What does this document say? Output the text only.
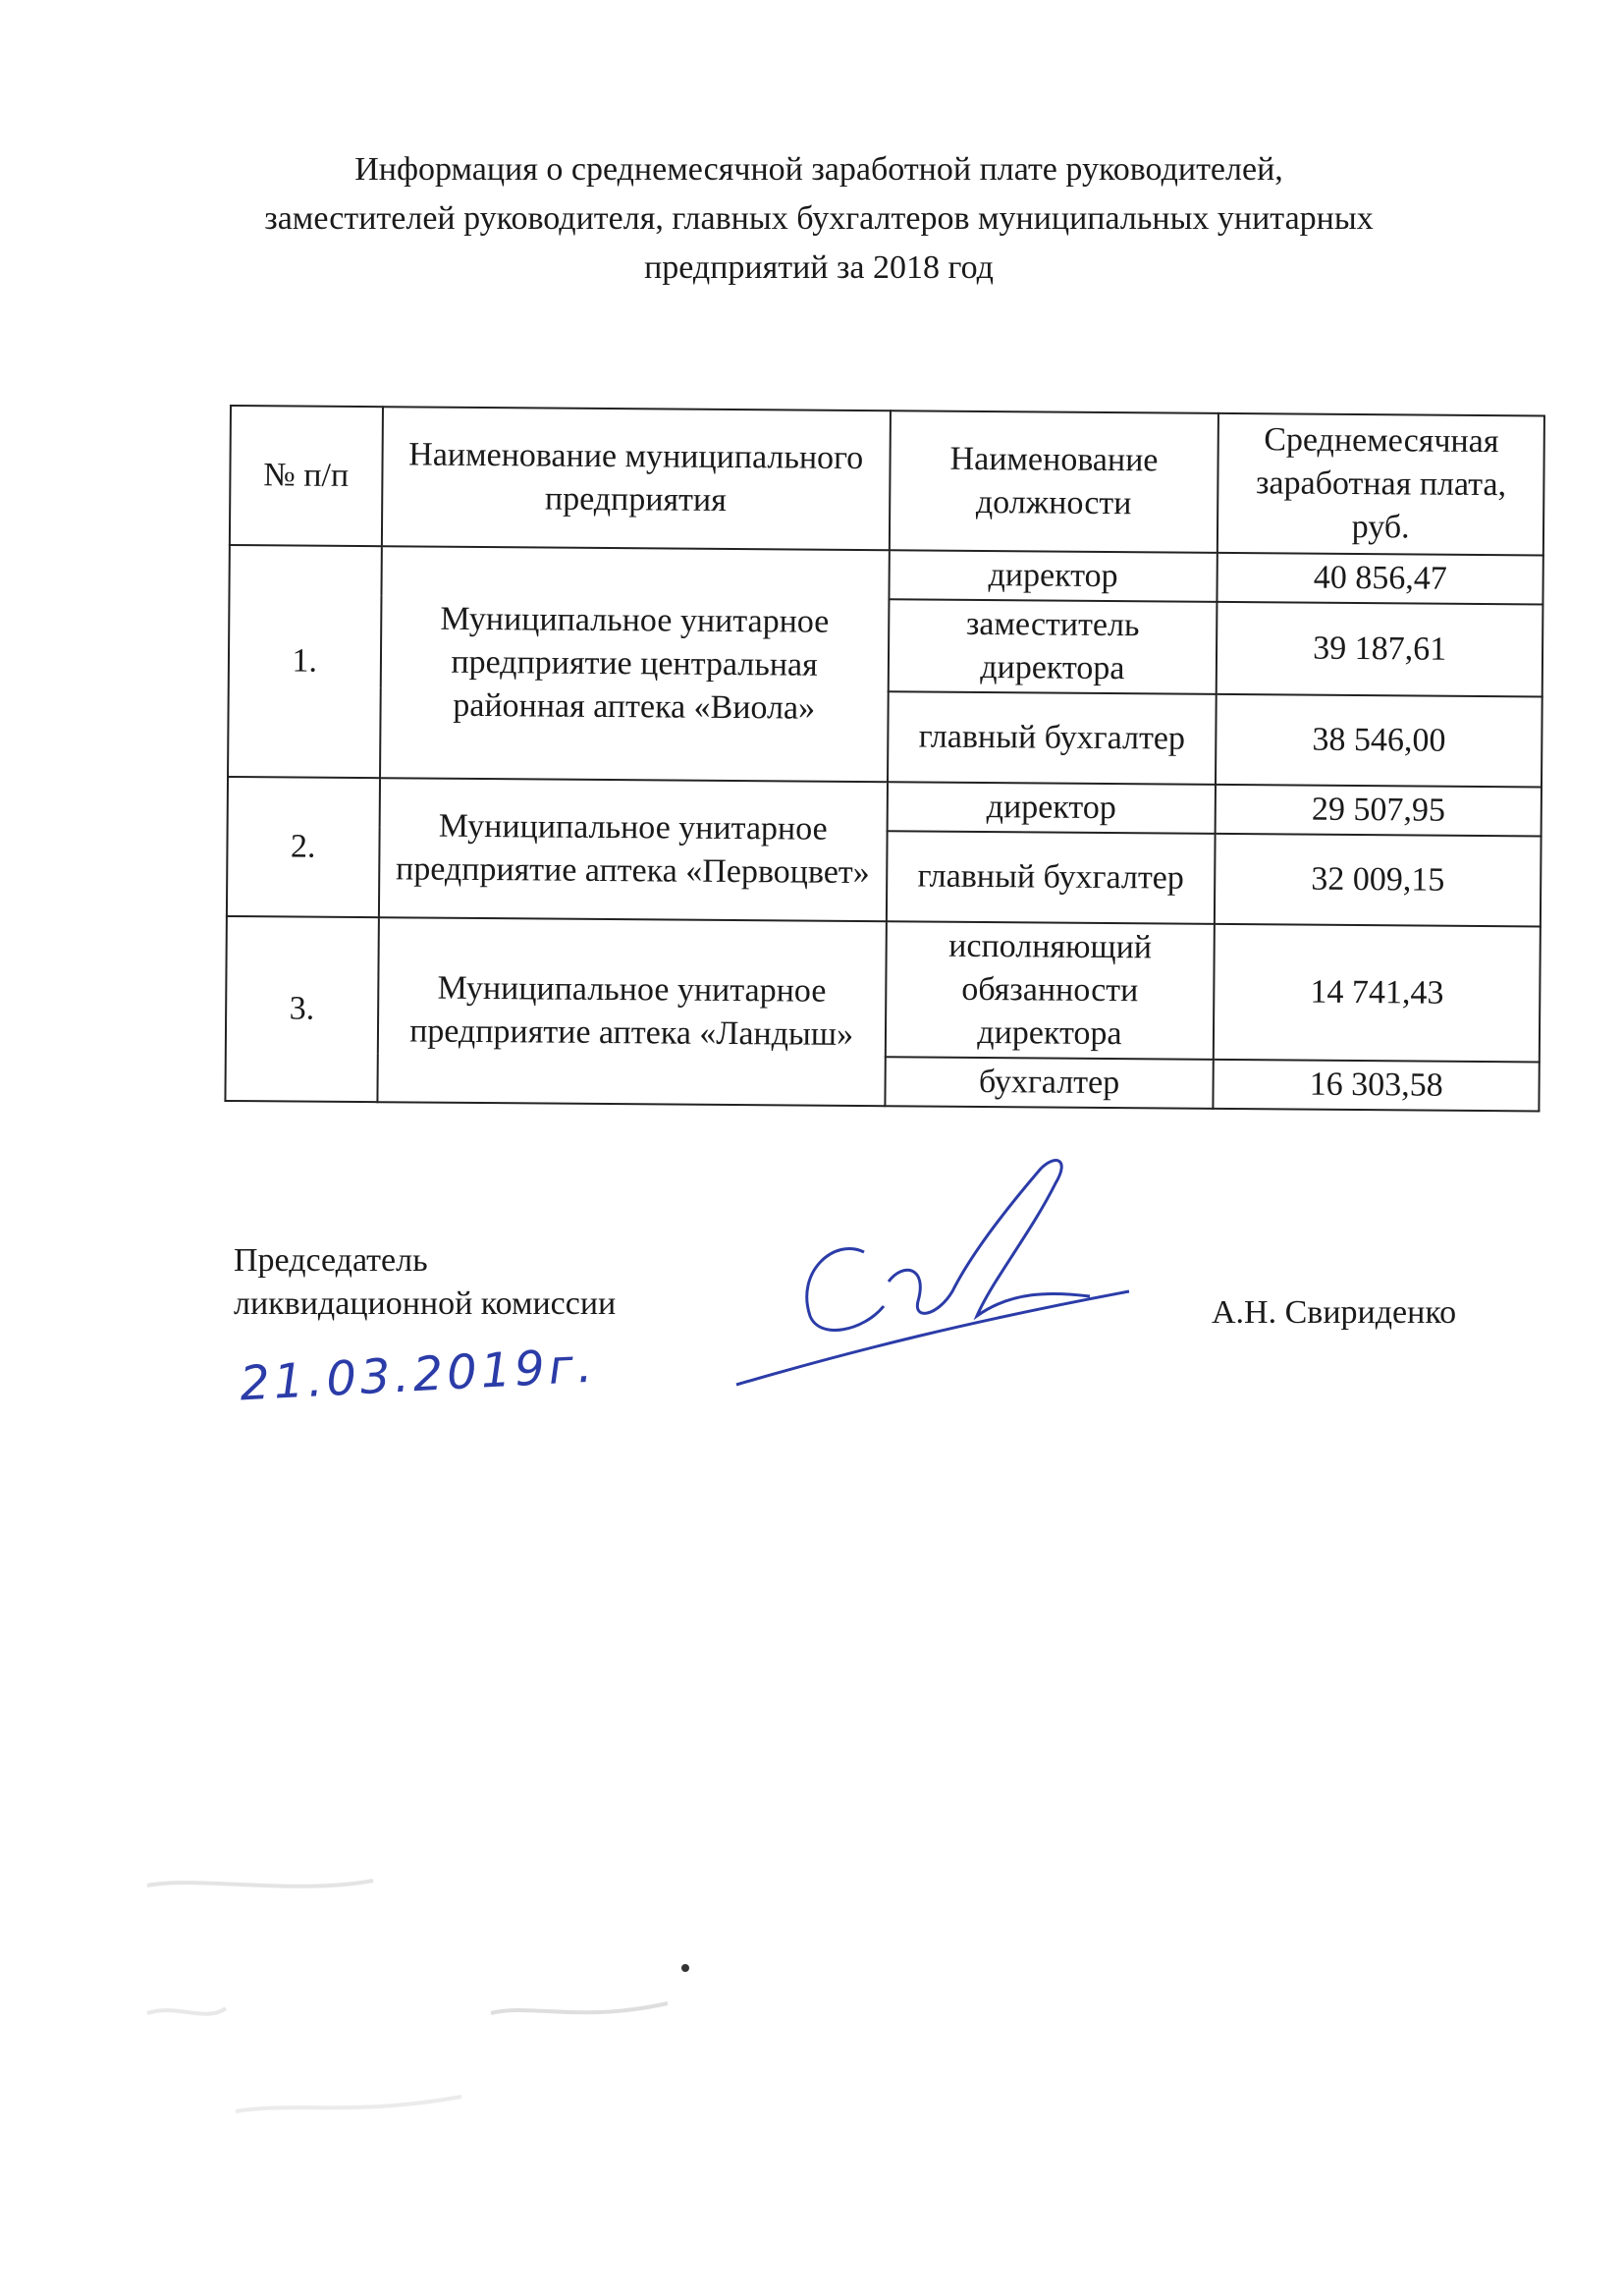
Информация о среднемесячной заработной плате руководителей,
заместителей руководителя, главных бухгалтеров муниципальных унитарных
предприятий за 2018 год
№ п/п	Наименование муниципального предприятия	Наименование должности	Среднемесячная заработная плата, руб.
1.	Муниципальное унитарное предприятие центральная районная аптека «Виола»	директор	40 856,47
		заместитель директора	39 187,61
		главный бухгалтер	38 546,00
2.	Муниципальное унитарное предприятие аптека «Первоцвет»	директор	29 507,95
		главный бухгалтер	32 009,15
3.	Муниципальное унитарное предприятие аптека «Ландыш»	исполняющий обязанности директора	14 741,43
		бухгалтер	16 303,58
Председатель
ликвидационной комиссии
21.03.2019г.
А.Н. Свириденко
